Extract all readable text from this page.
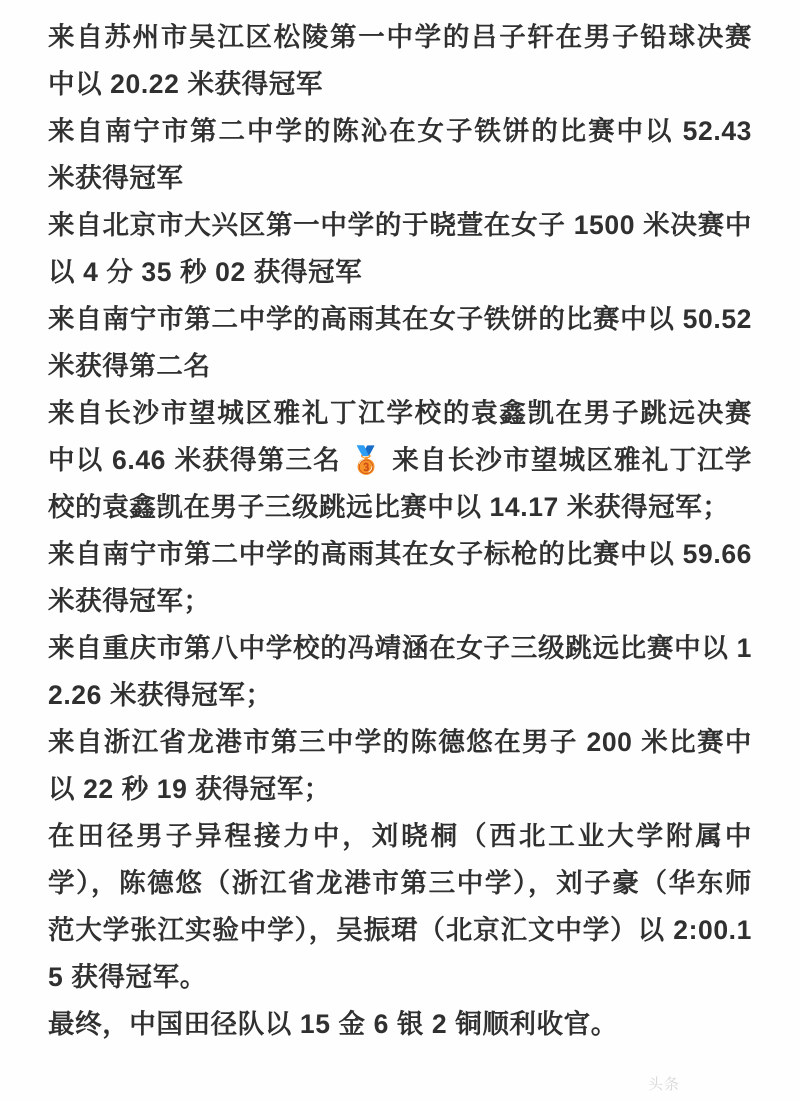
来自苏州市吴江区松陵第一中学的吕子轩在男子铅球决赛中以 20.22 米获得冠军

来自南宁市第二中学的陈沁在女子铁饼的比赛中以 52.43 米获得冠军

来自北京市大兴区第一中学的于晓萱在女子 1500 米决赛中以 4 分 35 秒 02 获得冠军

来自南宁市第二中学的高雨其在女子铁饼的比赛中以 50.52 米获得第二名

来自长沙市望城区雅礼丁江学校的袁鑫凯在男子跳远决赛中以 6.46 米获得第三名 🥉 来自长沙市望城区雅礼丁江学校的袁鑫凯在男子三级跳远比赛中以 14.17 米获得冠军；

来自南宁市第二中学的高雨其在女子标枪的比赛中以 59.66 米获得冠军；

来自重庆市第八中学校的冯靖涵在女子三级跳远比赛中以 12.26 米获得冠军；

来自浙江省龙港市第三中学的陈德悠在男子 200 米比赛中以 22 秒 19 获得冠军；

在田径男子异程接力中，刘晓桐（西北工业大学附属中学），陈德悠（浙江省龙港市第三中学），刘子豪（华东师范大学张江实验中学），吴振珺（北京汇文中学）以 2:00.15 获得冠军。

最终，中国田径队以 15 金 6 银 2 铜顺利收官。

头条
